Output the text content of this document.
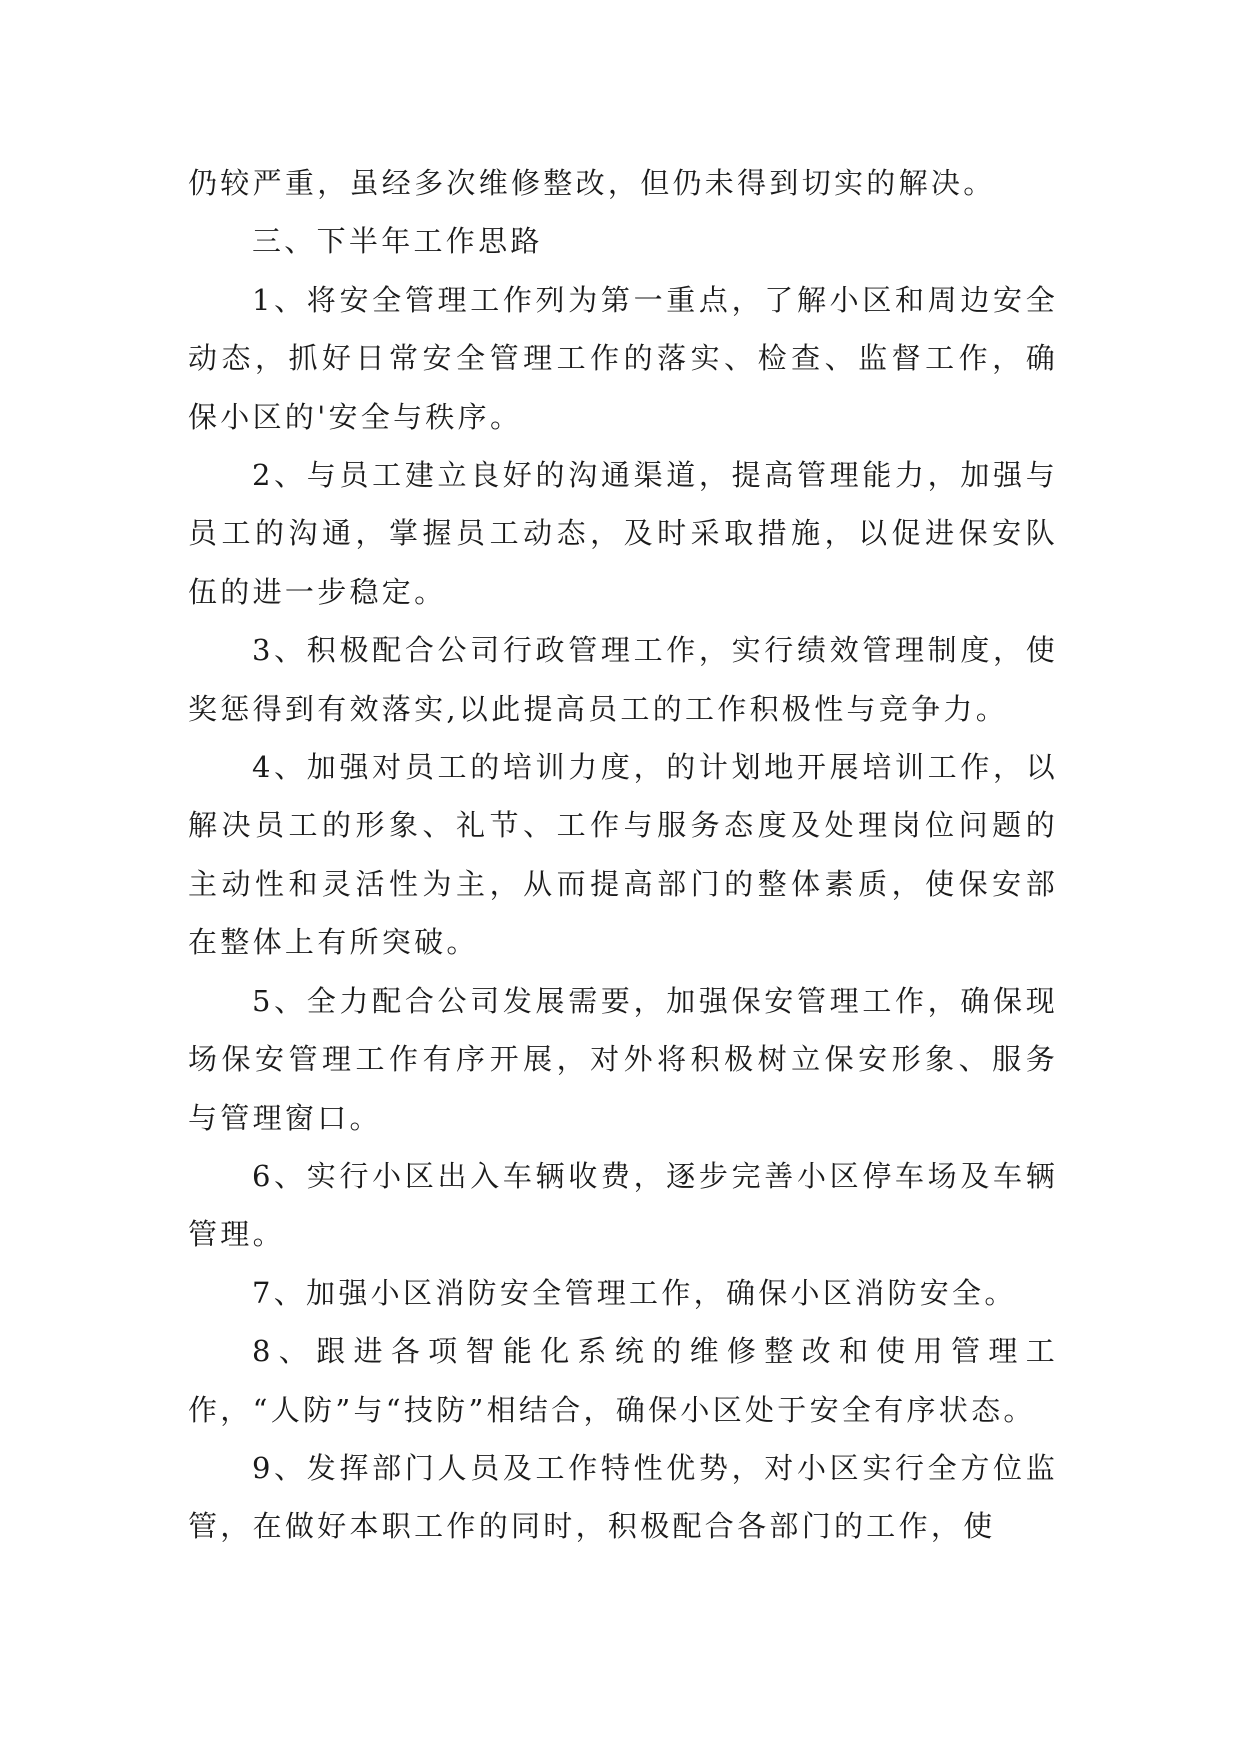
仍较严重，虽经多次维修整改，但仍未得到切实的解决。

三、下半年工作思路

1、将安全管理工作列为第一重点，了解小区和周边安全动态，抓好日常安全管理工作的落实、检查、监督工作，确保小区的'安全与秩序。

2、与员工建立良好的沟通渠道，提高管理能力，加强与员工的沟通，掌握员工动态，及时采取措施，以促进保安队伍的进一步稳定。

3、积极配合公司行政管理工作，实行绩效管理制度，使奖惩得到有效落实,以此提高员工的工作积极性与竞争力。

4、加强对员工的培训力度，的计划地开展培训工作，以解决员工的形象、礼节、工作与服务态度及处理岗位问题的主动性和灵活性为主，从而提高部门的整体素质，使保安部在整体上有所突破。

5、全力配合公司发展需要，加强保安管理工作，确保现场保安管理工作有序开展，对外将积极树立保安形象、服务与管理窗口。

6、实行小区出入车辆收费，逐步完善小区停车场及车辆管理。

7、加强小区消防安全管理工作，确保小区消防安全。

8、跟进各项智能化系统的维修整改和使用管理工作，“人防”与“技防”相结合，确保小区处于安全有序状态。

9、发挥部门人员及工作特性优势，对小区实行全方位监管，在做好本职工作的同时，积极配合各部门的工作，使
